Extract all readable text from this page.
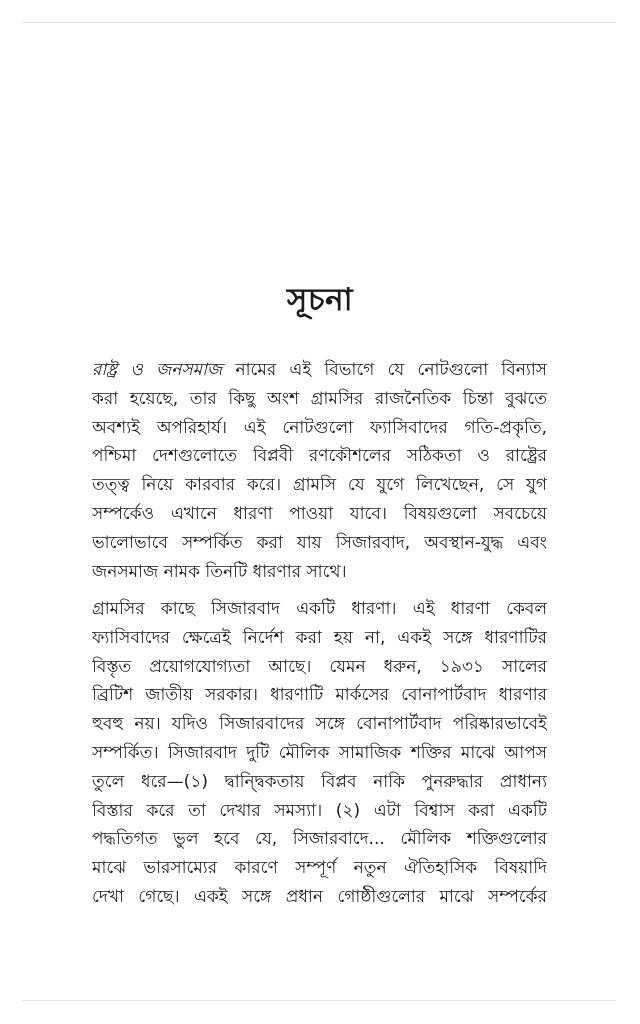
সূচনা
রাষ্ট্র ও জনসমাজ নামের এই বিভাগে যে নোটগুলো বিন্যাস
করা হয়েছে, তার কিছু অংশ গ্রামসির রাজনৈতিক চিন্তা বুঝতে
অবশ্যই অপরিহার্য। এই নোটগুলো ফ্যাসিবাদের গতি-প্রকৃতি,
পশ্চিমা দেশগুলোতে বিপ্লবী রণকৌশলের সঠিকতা ও রাষ্ট্রের
তত্ত্ব নিয়ে কারবার করে। গ্রামসি যে যুগে লিখেছেন, সে যুগ
সম্পর্কেও এখানে ধারণা পাওয়া যাবে। বিষয়গুলো সবচেয়ে
ভালোভাবে সম্পর্কিত করা যায় সিজারবাদ, অবস্থান-যুদ্ধ এবং
জনসমাজ নামক তিনটি ধারণার সাথে।
গ্রামসির কাছে সিজারবাদ একটি ধারণা। এই ধারণা কেবল
ফ্যাসিবাদের ক্ষেত্রেই নির্দেশ করা হয় না, একই সঙ্গে ধারণাটির
বিস্তৃত প্রয়োগযোগ্যতা আছে। যেমন ধরুন, ১৯৩১ সালের
ব্রিটিশ জাতীয় সরকার। ধারণাটি মার্কসের বোনাপার্টবাদ ধারণার
হুবহু নয়। যদিও সিজারবাদের সঙ্গে বোনাপার্টবাদ পরিষ্কারভাবেই
সম্পর্কিত। সিজারবাদ দুটি মৌলিক সামাজিক শক্তির মাঝে আপস
তুলে ধরে—(১) দ্বান্দ্বিকতায় বিপ্লব নাকি পুনরুদ্ধার প্রাধান্য
বিস্তার করে তা দেখার সমস্যা। (২) এটা বিশ্বাস করা একটি
পদ্ধতিগত ভুল হবে যে, সিজারবাদে... মৌলিক শক্তিগুলোর
মাঝে ভারসাম্যের কারণে সম্পূর্ণ নতুন ঐতিহাসিক বিষয়াদি
দেখা গেছে। একই সঙ্গে প্রধান গোষ্ঠীগুলোর মাঝে সম্পর্কের
